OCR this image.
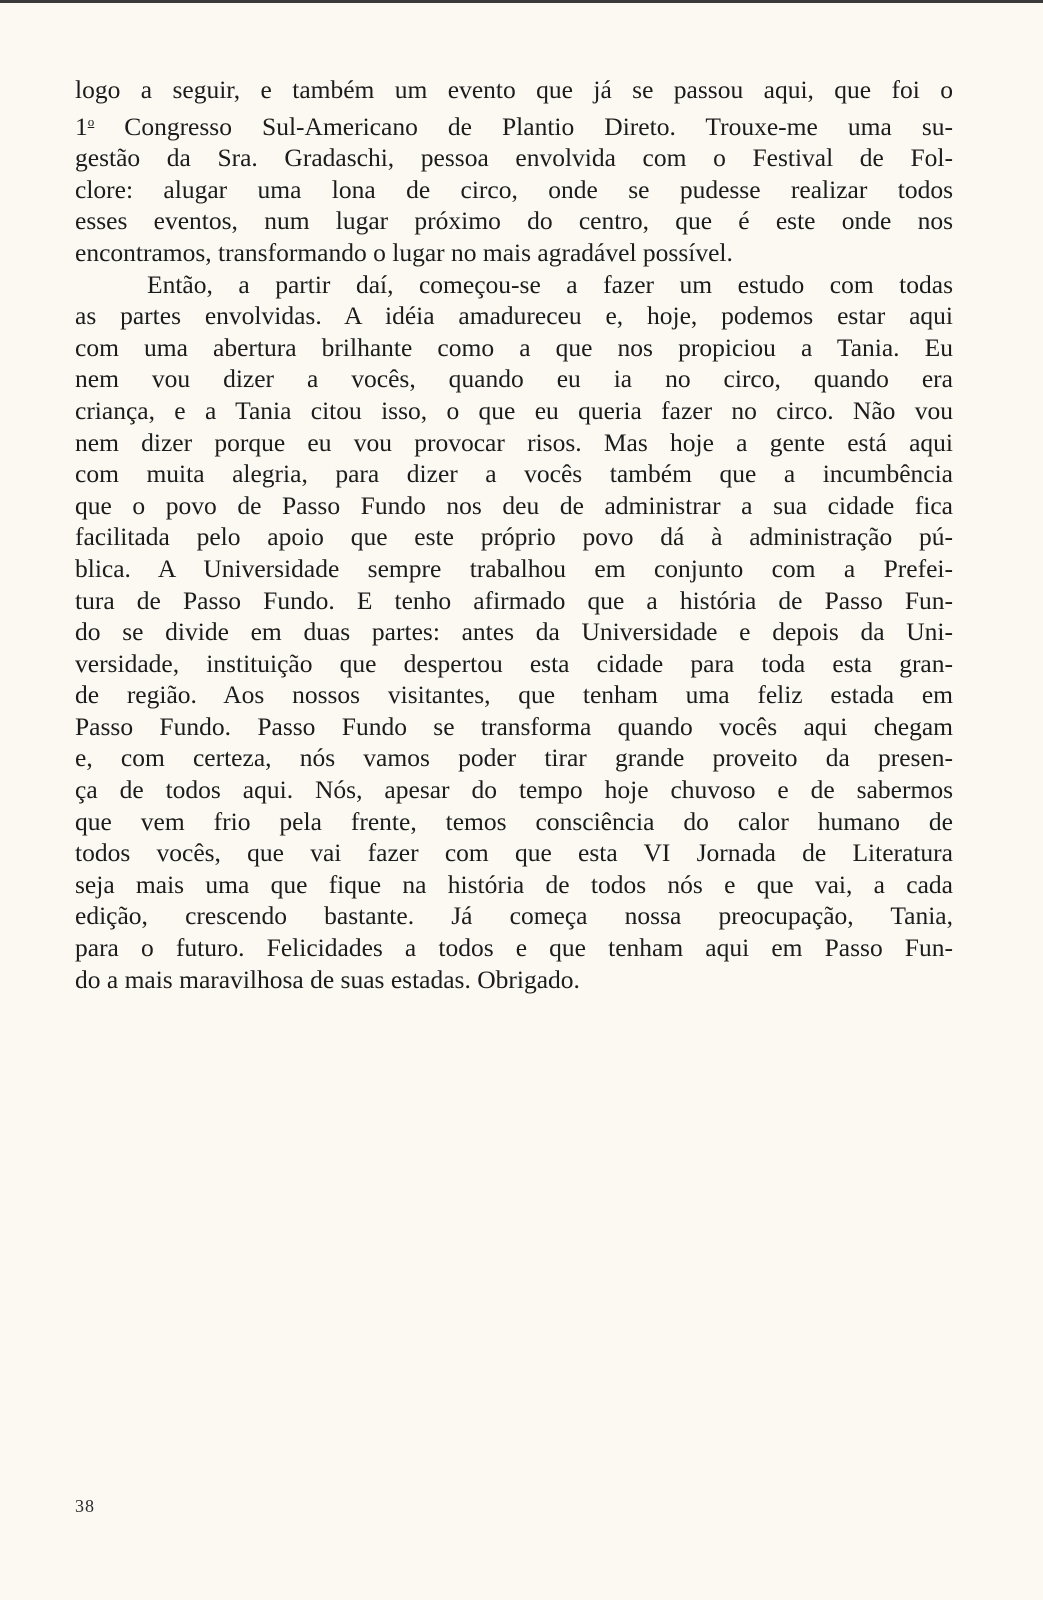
logo a seguir, e também um evento que já se passou aqui, que foi o
1$^o$ Congresso Sul-Americano de Plantio Direto. Trouxe-me uma su-
gestão da Sra. Gradaschi, pessoa envolvida com o Festival de Fol-
clore: alugar uma lona de circo, onde se pudesse realizar todos
esses eventos, num lugar próximo do centro, que é este onde nos
encontramos, transformando o lugar no mais agradável possível.
Então, a partir daí, começou-se a fazer um estudo com todas
as partes envolvidas. A idéia amadureceu e, hoje, podemos estar aqui
com uma abertura brilhante como a que nos propiciou a Tania. Eu
nem vou dizer a vocês, quando eu ia no circo, quando era
criança, e a Tania citou isso, o que eu queria fazer no circo. Não vou
nem dizer porque eu vou provocar risos. Mas hoje a gente está aqui
com muita alegria, para dizer a vocês também que a incumbência
que o povo de Passo Fundo nos deu de administrar a sua cidade fica
facilitada pelo apoio que este próprio povo dá à administração pú-
blica. A Universidade sempre trabalhou em conjunto com a Prefei-
tura de Passo Fundo. E tenho afirmado que a história de Passo Fun-
do se divide em duas partes: antes da Universidade e depois da Uni-
versidade, instituição que despertou esta cidade para toda esta gran-
de região. Aos nossos visitantes, que tenham uma feliz estada em
Passo Fundo. Passo Fundo se transforma quando vocês aqui chegam
e, com certeza, nós vamos poder tirar grande proveito da presen-
ça de todos aqui. Nós, apesar do tempo hoje chuvoso e de sabermos
que vem frio pela frente, temos consciência do calor humano de
todos vocês, que vai fazer com que esta VI Jornada de Literatura
seja mais uma que fique na história de todos nós e que vai, a cada
edição, crescendo bastante. Já começa nossa preocupação, Tania,
para o futuro. Felicidades a todos e que tenham aqui em Passo Fun-
do a mais maravilhosa de suas estadas. Obrigado.
38
